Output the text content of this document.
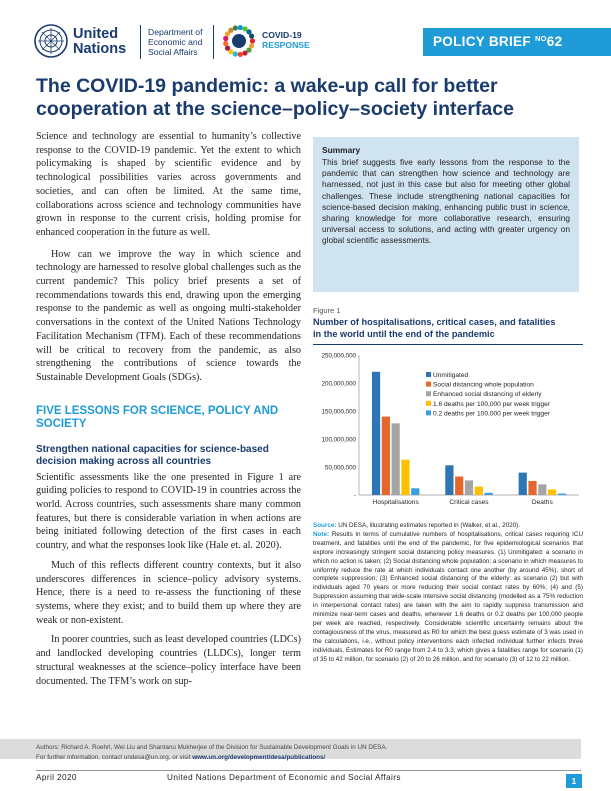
United
Nations
Department of
Economic and
Social Affairs
COVID-19
RESPONSE	POLICY BRIEF $^{NO}$62
The COVID-19 pandemic: a wake-up call for better
cooperation at the science–policy–society interface

Science and technology are essential to humanity’s collective response to the COVID-19 pandemic. Yet the extent to which policymaking is shaped by scientific evidence and by technological possibilities varies across governments and societies, and can often be limited. At the same time, collaborations across science and technology communities have grown in response to the current crisis, holding promise for enhanced cooperation in the future as well.

How can we improve the way in which science and technology are harnessed to resolve global challenges such as the current pandemic? This policy brief presents a set of recommendations towards this end, drawing upon the emerging response to the pandemic as well as ongoing multi-stakeholder conversations in the context of the United Nations Technology Facilitation Mechanism (TFM). Each of these recommendations will be critical to recovery from the pandemic, as also strengthening the contributions of science towards the Sustainable Development Goals (SDGs).

FIVE LESSONS FOR SCIENCE, POLICY AND SOCIETY
Strengthen national capacities for science-based decision making across all countries

Scientific assessments like the one presented in Figure 1 are guiding policies to respond to COVID-19 in countries across the world. Across countries, such assessments share many common features, but there is considerable variation in when actions are being initiated following detection of the first cases in each country, and what the responses look like (Hale et. al. 2020).

Much of this reflects different country contexts, but it also underscores differences in science–policy advisory systems. Hence, there is a need to re-assess the functioning of these systems, where they exist; and to build them up where they are weak or non-existent.

In poorer countries, such as least developed countries (LDCs) and landlocked developing countries (LLDCs), longer term structural weaknesses at the science–policy interface have been documented. The TFM’s work on sup-

Summary

This brief suggests five early lessons from the response to the pandemic that can strengthen how science and technology are harnessed, not just in this case but also for meeting other global challenges. These include strengthening national capacities for science-based decision making, enhancing public trust in science, sharing knowledge for more collaborative research, ensuring universal access to solutions, and acting with greater urgency on global scientific assessments.

Figure 1
Number of hospitalisations, critical cases, and fatalities
in the world until the end of the pandemic
-
50,000,000
100,000,000
150,000,000
200,000,000
250,000,000
Hospitalisations	Critical cases	Deaths
Unmitigated
Social distancing whole population
Enhanced social distancing of elderly
1.6 deaths per 100,000 per week trigger
0.2 deaths per 100,000 per week trigger

Source: UN DESA, illustrating estimates reported in (Walker, et al., 2020).

Note: Results in terms of cumulative numbers of hospitalisations, critical cases requiring ICU treatment, and fatalities until the end of the pandemic, for five epidemiological scenarios that explore increasingly stringent social distancing policy measures. (1) Unmitigated: a scenario in which no action is taken; (2) Social distancing whole population: a scenario in which measures to uniformly reduce the rate at which individuals contact one another (by around 45%), short of complete suppression; (3) Enhanced social distancing of the elderly: as scenario (2) but with individuals aged 70 years or more reducing their social contact rates by 60%; (4) and (5) Suppression assuming that wide-scale intensive social distancing (modelled as a 75% reduction in interpersonal contact rates) are taken with the aim to rapidly suppress transmission and minimize near-term cases and deaths, whenever 1.6 deaths or 0.2 deaths per 100,000 people per week are reached, respectively. Considerable scientific uncertainty remains about the contagiousness of the virus, measured as R0 for which the best guess estimate of 3 was used in the calculations, i.e., without policy interventions each infected individual further infects three individuals. Estimates for R0 range from 2.4 to 3.3, which gives a fatalities range for scenario (1) of 35 to 42 million, for scenario (2) of 20 to 26 million, and for scenario (3) of 12 to 22 million.

Authors: Richard A. Roehrl, Wei Liu and Shantanu Mukherjee of the Division for Sustainable Development Goals in UN DESA.
For further information, contact undesa@un.org, or visit www.un.org/development/desa/publications/
April 2020	United Nations Department of Economic and Social Affairs	1
